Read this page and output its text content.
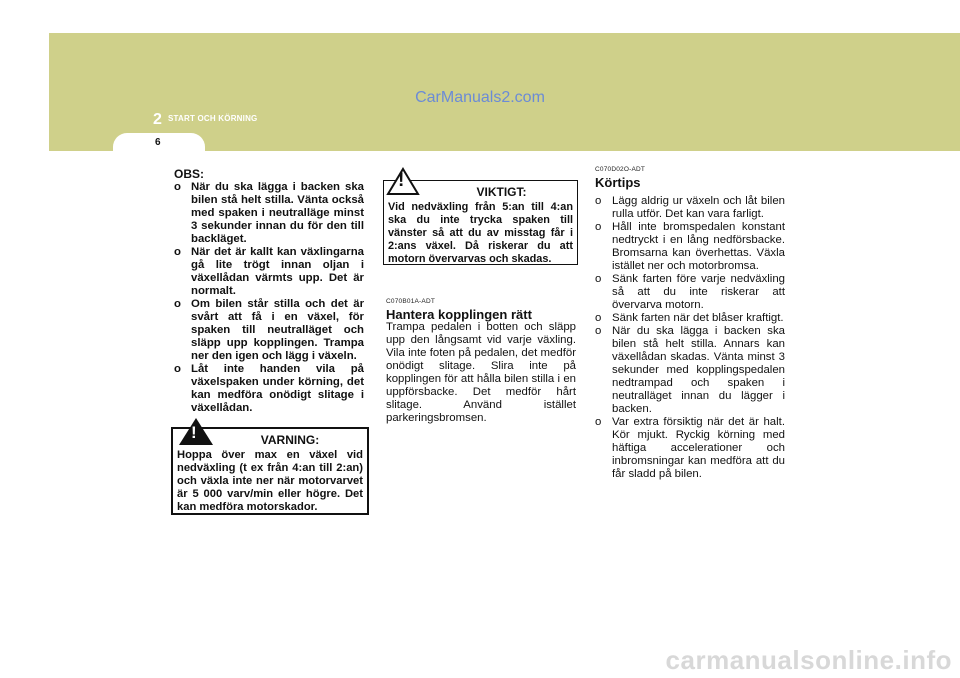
CarManuals2.com
2 START OCH KÖRNING
6

OBS:

o När du ska lägga i backen ska bilen stå helt stilla. Vänta också med spaken i neutralläge minst 3 sekunder innan du för den till backläget.
o När det är kallt kan växlingarna gå lite trögt innan oljan i växellådan värmts upp. Det är normalt.
o Om bilen står stilla och det är svårt att få i en växel, för spaken till neutralläget och släpp upp kopplingen. Trampa ner den igen och lägg i växeln.
o Låt inte handen vila på växelspaken under körning, det kan medföra onödigt slitage i växellådan.
VARNING:
Hoppa över max en växel vid nedväxling (t ex från 4:an till 2:an) och växla inte ner när motorvarvet är 5 000 varv/min eller högre. Det kan medföra motorskador.
!
VIKTIGT:
Vid nedväxling från 5:an till 4:an ska du inte trycka spaken till vänster så att du av misstag får i 2:ans växel. Då riskerar du att motorn övervarvas och skadas.
!

C070B01A-ADT

Hantera kopplingen rätt

Trampa pedalen i botten och släpp upp den långsamt vid varje växling. Vila inte foten på pedalen, det medför onödigt slitage. Slira inte på kopplingen för att hålla bilen stilla i en uppförsbacke. Det medför hårt slitage. Använd istället parkeringsbromsen.

C070D02O-ADT

Körtips

o Lägg aldrig ur växeln och låt bilen rulla utför. Det kan vara farligt.
o Håll inte bromspedalen konstant nedtryckt i en lång nedförsbacke. Bromsarna kan överhettas. Växla istället ner och motorbromsa.
o Sänk farten före varje nedväxling så att du inte riskerar att övervarva motorn.
o Sänk farten när det blåser kraftigt.
o När du ska lägga i backen ska bilen stå helt stilla. Annars kan växellådan skadas. Vänta minst 3 sekunder med kopplingspedalen nedtrampad och spaken i neutralläget innan du lägger i backen.
o Var extra försiktig när det är halt. Kör mjukt. Ryckig körning med häftiga accelerationer och inbromsningar kan medföra att du får sladd på bilen.
carmanualsonline.info
